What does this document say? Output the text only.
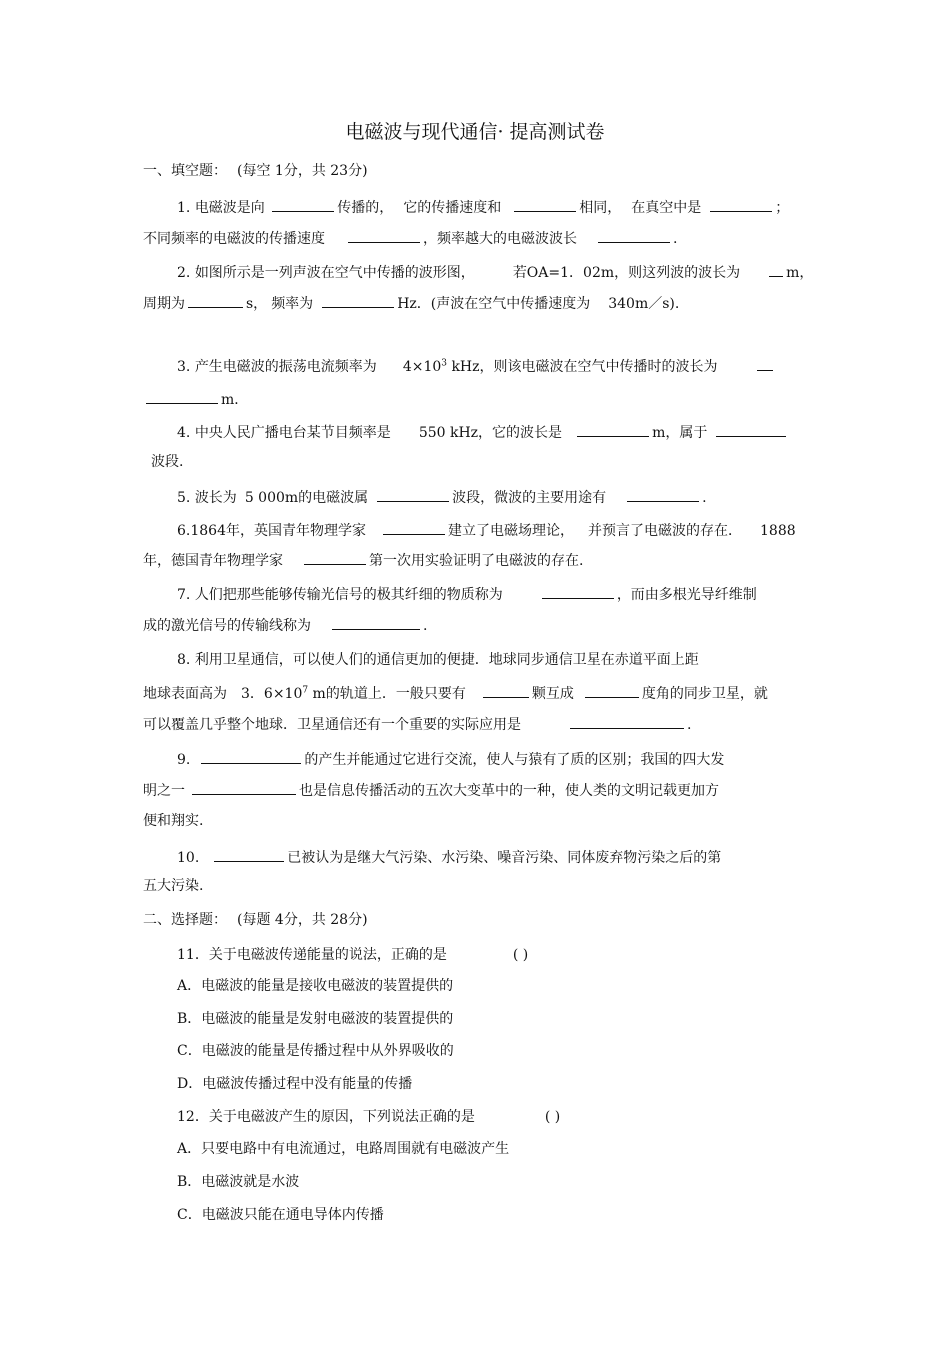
电磁波与现代通信· 提高测试卷
一、填空题： (每空 1分，共 23分)
1. 电磁波是向	传播的， 它的传播速度和	相同， 在真空中是	；
不同频率的电磁波的传播速度	，频率越大的电磁波波长	.
2. 如图所示是一列声波在空气中传播的波形图，	若OA=1．02m，则这列波的波长为	m，
周期为	s， 频率为	Hz．(声波在空气中传播速度为 340m／s).
3. 产生电磁波的振荡电流频率为 $4\times 10^3$ kHz，则该电磁波在空气中传播时的波长为
m．
4. 中央人民广播电台某节目频率是 550 kHz，它的波长是	m，属于
波段.
5. 波长为 5 000m的电磁波属	波段，微波的主要用途有	.
6.1864年，英国青年物理学家	建立了电磁场理论， 并预言了电磁波的存在． 1888
年，德国青年物理学家	第一次用实验证明了电磁波的存在.
7. 人们把那些能够传输光信号的极其纤细的物质称为	，而由多根光导纤维制
成的激光信号的传输线称为	.
8. 利用卫星通信，可以使人们的通信更加的便捷．地球同步通信卫星在赤道平面上距
地球表面高为 3．$6\times 10^7$ m的轨道上．一般只要有	颗互成	度角的同步卫星，就
可以覆盖几乎整个地球．卫星通信还有一个重要的实际应用是	.
9.	的产生并能通过它进行交流，使人与猿有了质的区别；我国的四大发
明之一	也是信息传播活动的五次大变革中的一种，使人类的文明记载更加方
便和翔实.
10.	已被认为是继大气污染、水污染、噪音污染、同体废弃物污染之后的第
五大污染.
二、选择题： (每题 4分，共 28分)
11．关于电磁波传递能量的说法，正确的是	( )
A．电磁波的能量是接收电磁波的装置提供的
B．电磁波的能量是发射电磁波的装置提供的
C．电磁波的能量是传播过程中从外界吸收的
D．电磁波传播过程中没有能量的传播
12．关于电磁波产生的原因，下列说法正确的是	( )
A．只要电路中有电流通过，电路周围就有电磁波产生
B．电磁波就是水波
C．电磁波只能在通电导体内传播
